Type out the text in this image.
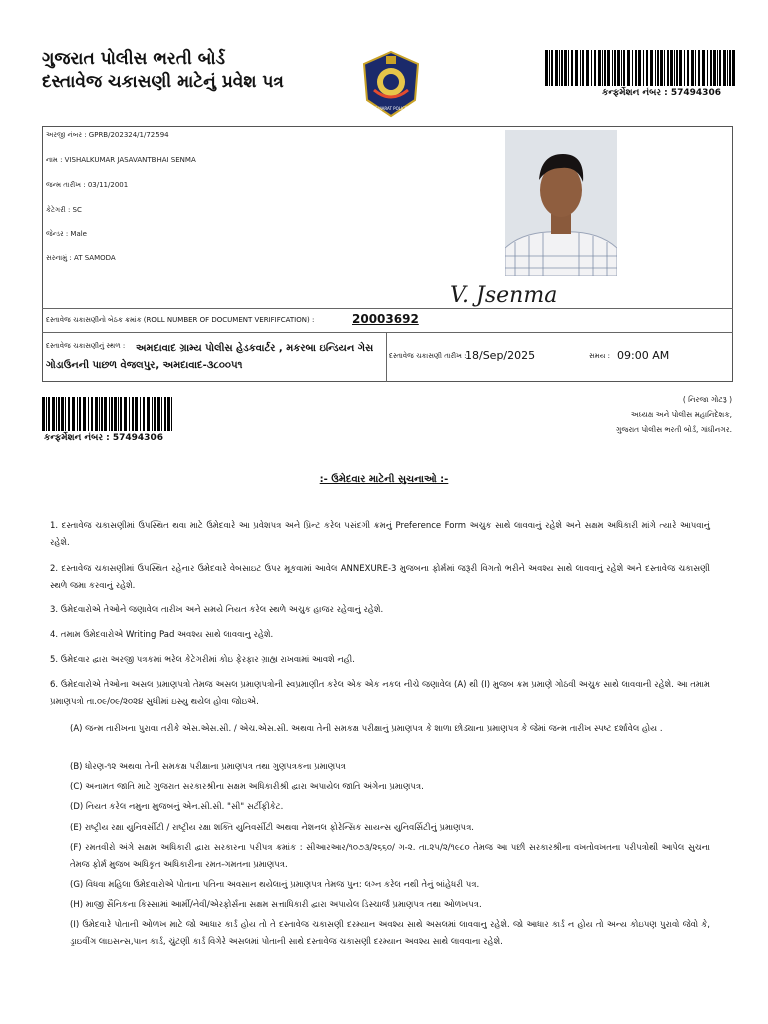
ગુજરાત પોલીસ ભરતી બોર્ડ
દસ્તાવેજ ચકાસણી માટેનું પ્રવેશ પત્ર
GUJARAT POLICE
કન્ફર્મેશન નંબર : 57494306
અરજી નંબર : GPRB/202324/1/72594
નામ : VISHALKUMAR JASAVANTBHAI SENMA
જન્મ તારીખ : 03/11/2001
કેટેગરી : SC
જેન્ડર : Male
સરનામું : AT SAMODA
V. Jsenma
દસ્તાવેજ ચકાસણીનો બેઠક ક્રમાંક (ROLL NUMBER OF DOCUMENT VERIFIFCATION) :	20003692
દસ્તાવેજ ચકાસણીનું સ્થળ :	અમદાવાદ ગ્રામ્ય પોલીસ હેડકવાર્ટર , મકરબા ઇન્ડિયન ગેસ ગોડાઉનની પાછળ વેજલપુર, અમદાવાદ-૩૮૦૦૫૧
દસ્તાવેજ ચકાસણી તારીખ :
18/Sep/2025	સમય : 09:00 AM
કન્ફર્મેશન નંબર : 57494306
( નિરજા ગોટરૂ )
અધ્યક્ષ અને પોલીસ મહાનિદેશક,
ગુજરાત પોલીસ ભરતી બોર્ડ, ગાંધીનગર.
:- ઉમેદવાર માટેની સુચનાઓ :-
1. દસ્તાવેજ ચકાસણીમાં ઉપસ્થિત થવા માટે ઉમેદવારે આ પ્રવેશપત્ર અને પ્રિન્ટ કરેલ પસંદગી ક્રમનું Preference Form અચુક સાથે લાવવાનું રહેશે અને સક્ષમ અધિકારી માંગે ત્યારે આપવાનું રહેશે.
2. દસ્તાવેજ ચકાસણીમાં ઉપસ્થિત રહેનાર ઉમેદવારે વેબસાઇટ ઉપર મૂકવામાં આવેલ ANNEXURE-3 મુજબના ફોર્મમાં જરૂરી વિગતો ભરીને અવશ્ય સાથે લાવવાનું રહેશે અને દસ્તાવેજ ચકાસણી સ્થળે જમા કરવાનું રહેશે.
3. ઉમેદવારોએ તેઓને જણાવેલ તારીખ અને સમયે નિયત કરેલ સ્થળે અચુક હાજર રહેવાનું રહેશે.
4. તમામ ઉમેદવારોએ Writing Pad અવશ્ય સાથે લાવવાનુ રહેશે.
5. ઉમેદવાર દ્વારા અરજી પત્રકમાં ભરેલ કેટેગરીમાં કોઇ ફેરફાર ગ્રાહ્ય રાખવામાં આવશે નહી.
6. ઉમેદવારોએ તેઓના અસલ પ્રમાણપત્રો તેમજ અસલ પ્રમાણપત્રોની સ્વપ્રમાણીત કરેલ એક એક નકલ નીચે જણાવેલ (A) થી (I) મુજબ ક્રમ પ્રમાણે ગોઠવી અચુક સાથે લાવવાની રહેશે. આ તમામ પ્રમાણપત્રો તા.૦૯/૦૯/૨૦૨૪ સુધીમાં ઇસ્યુ થયેલ હોવા જોઇએ.
(A) જન્મ તારીખના પુરાવા તરીકે એસ.એસ.સી. / એચ.એસ.સી. અથવા તેની સમકક્ષ પરીક્ષાનું પ્રમાણપત્ર કે શાળા છોડ્યાના પ્રમાણપત્ર કે જેમાં જન્મ તારીખ સ્પષ્ટ દર્શાવેલ હોય .
(B) ધોરણ-૧૨ અથવા તેની સમકક્ષ પરીક્ષાના પ્રમાણપત્ર તથા ગુણપત્રકના પ્રમાણપત્ર
(C) અનામત જાતિ માટે ગુજરાત સરકારશ્રીના સક્ષમ અધિકારીશ્રી દ્વારા અપાયેલ જાતિ અંગેના પ્રમાણપત્ર.
(D) નિયત કરેલ નમુના મુજબનું એન.સી.સી. "સી" સર્ટીફીકેટ.
(E) રાષ્ટ્રીય રક્ષા યુનિવર્સીટી / રાષ્ટ્રીય રક્ષા શક્તિ યુનિવર્સીટી અથવા નેશનલ ફોરેન્સિક સાયન્સ યુનિવર્સિટીનું પ્રમાણપત્ર.
(F) રમતવીરો અંગે સક્ષમ અધિકારી દ્વારા સરકારના પરીપત્ર ક્રમાંક : સીઆરઆર/૧૦૭૩/૨૬૬૦/ ગ-૨. તા.૨૫/૨/૧૯૮૦ તેમજ આ પછી સરકારશ્રીના વખતોવખતના પરીપત્રોથી આપેલ સુચના તેમજ ફોર્મ મુજબ અધિકૃત અધિકારીના રમત-ગમતના પ્રમાણપત્ર.
(G) વિધવા મહિલા ઉમેદવારોએ પોતાના પતિના અવસાન થયેલાનું પ્રમાણપત્ર તેમજ પુન: લગ્ન કરેલ નથી તેનું બાંહેધરી પત્ર.
(H) માજી સૈનિકના કિસ્સામાં આર્મી/નેવી/એરફોર્સના સક્ષમ સત્તાધિકારી દ્વારા અપાયેલ ડિસ્ચાર્જ પ્રમાણપત્ર તથા ઓળખપત્ર.
(I) ઉમેદવારે પોતાની ઓળખ માટે જો આધાર કાર્ડ હોય તો તે દસ્તાવેજ ચકાસણી દરમ્યાન અવશ્ય સાથે અસલમાં લાવવાનુ રહેશે. જો આધાર કાર્ડ ન હોય તો અન્ય કોઇપણ પુરાવો જેવો કે, ડ્રાઇવીંગ લાઇસન્સ,પાન કાર્ડ, ચુંટણી કાર્ડ વિગેરે અસલમાં પોતાની સાથે દસ્તાવેજ ચકાસણી દરમ્યાન અવશ્ય સાથે લાવવાના રહેશે.
